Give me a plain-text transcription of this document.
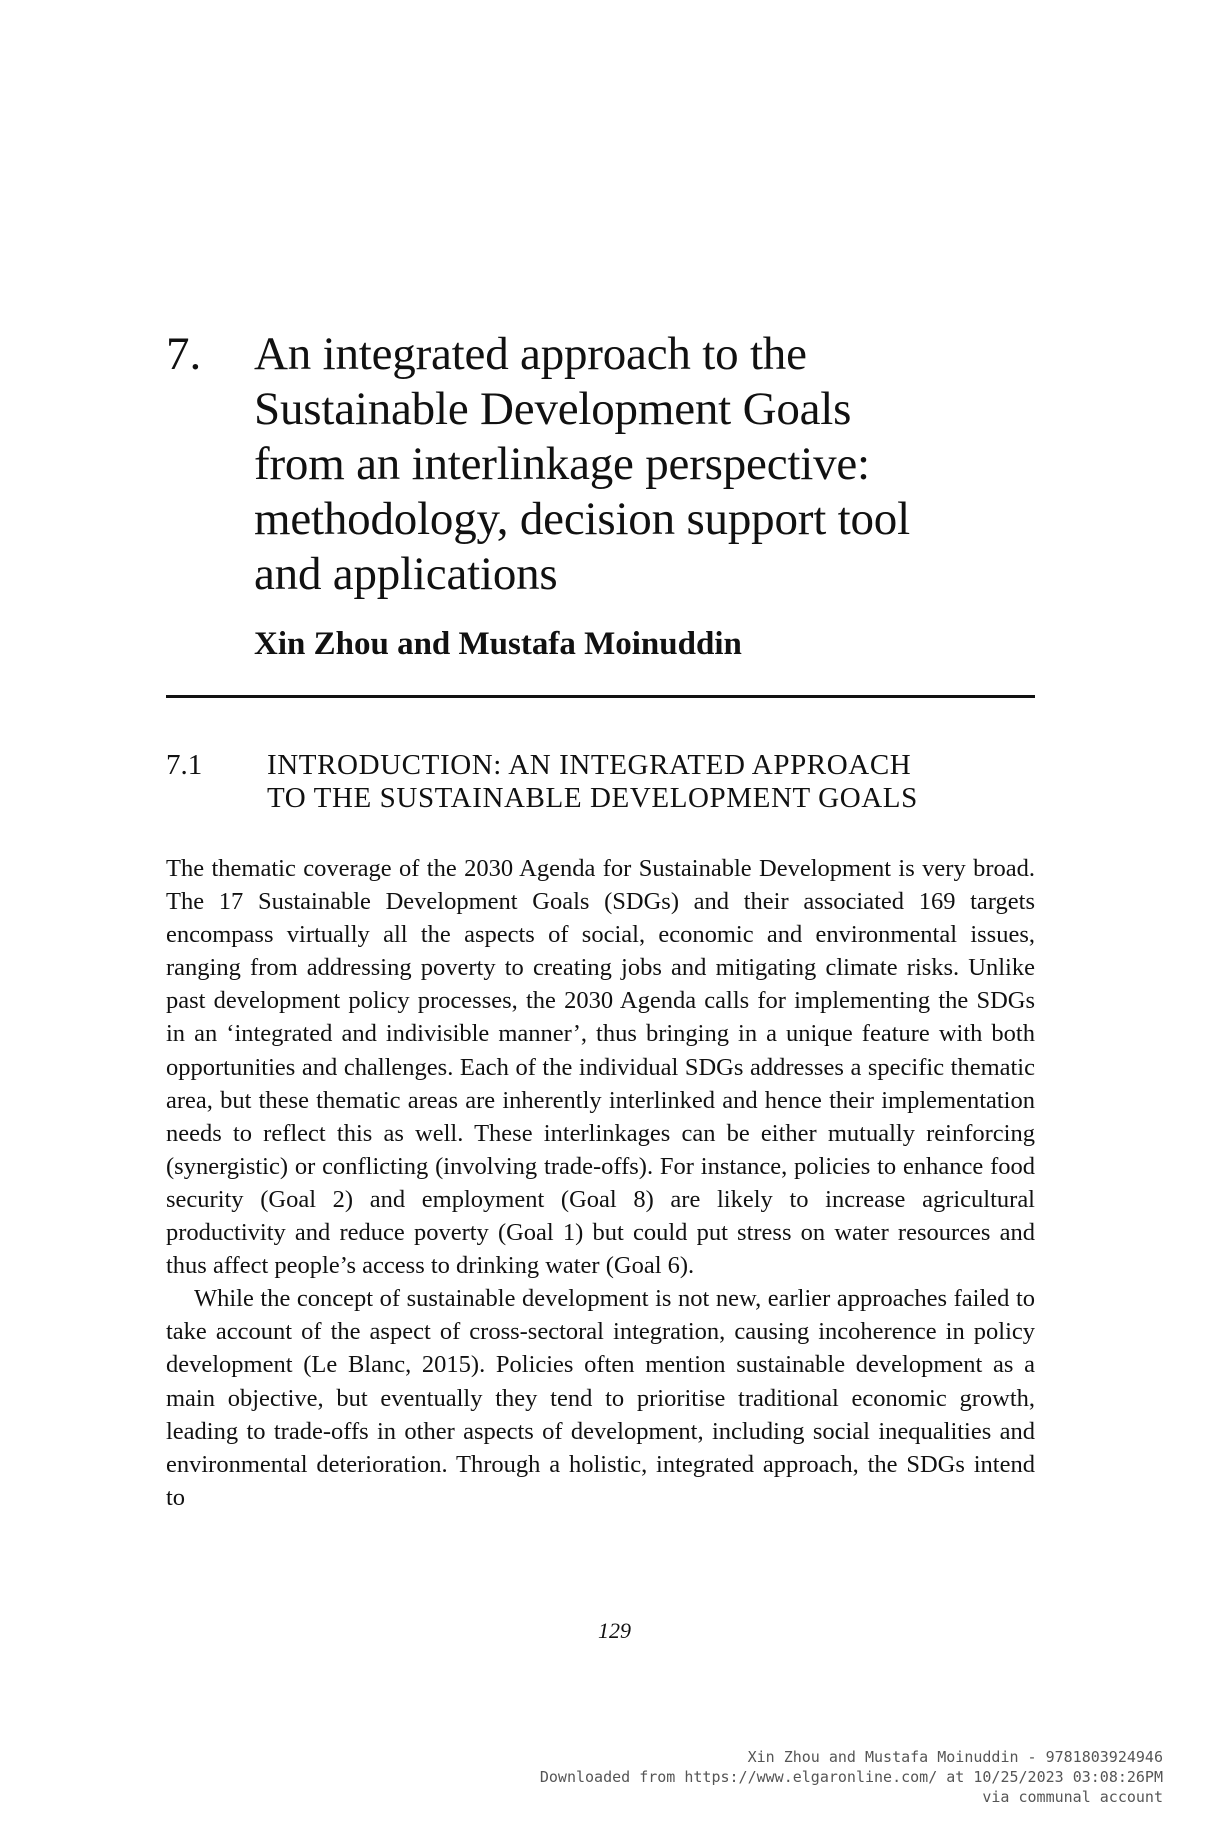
7. An integrated approach to the
Sustainable Development Goals
from an interlinkage perspective:
methodology, decision support tool
and applications
Xin Zhou and Mustafa Moinuddin
7.1 INTRODUCTION: AN INTEGRATED APPROACH
TO THE SUSTAINABLE DEVELOPMENT GOALS

The thematic coverage of the 2030 Agenda for Sustainable Development is very broad. The 17 Sustainable Development Goals (SDGs) and their associated 169 targets encompass virtually all the aspects of social, economic and environmental issues, ranging from addressing poverty to creating jobs and mitigating climate risks. Unlike past development policy processes, the 2030 Agenda calls for implementing the SDGs in an ‘integrated and indivisible manner’, thus bringing in a unique feature with both opportunities and challenges. Each of the individual SDGs addresses a specific thematic area, but these thematic areas are inherently interlinked and hence their implementation needs to reflect this as well. These interlinkages can be either mutually reinforcing (synergistic) or conflicting (involving trade-offs). For instance, policies to enhance food security (Goal 2) and employment (Goal 8) are likely to increase agricultural productivity and reduce poverty (Goal 1) but could put stress on water resources and thus affect people’s access to drinking water (Goal 6).

While the concept of sustainable development is not new, earlier approaches failed to take account of the aspect of cross-sectoral integration, causing incoherence in policy development (Le Blanc, 2015). Policies often mention sustainable development as a main objective, but eventually they tend to prioritise traditional economic growth, leading to trade-offs in other aspects of development, including social inequalities and environmental deterioration. Through a holistic, integrated approach, the SDGs intend to

129
Xin Zhou and Mustafa Moinuddin - 9781803924946
Downloaded from https://www.elgaronline.com/ at 10/25/2023 03:08:26PM
via communal account
